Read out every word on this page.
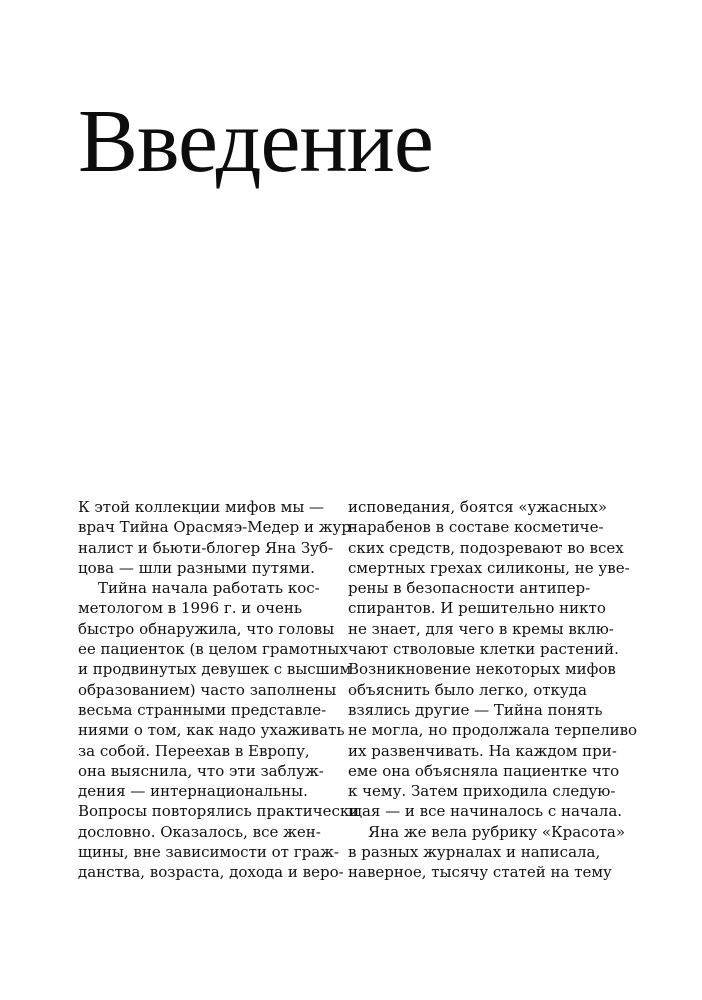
Введение
К этой коллекции мифов мы —
врач Тийна Орасмяэ-Медер и жур-
налист и бьюти-блогер Яна Зуб-
цова — шли разными путями.
Тийна начала работать кос-
метологом в 1996 г. и очень
быстро обнаружила, что головы
ее пациенток (в целом грамотных
и продвинутых девушек с высшим
образованием) часто заполнены
весьма странными представле-
ниями о том, как надо ухаживать
за собой. Переехав в Европу,
она выяснила, что эти заблуж-
дения — интернациональны.
Вопросы повторялись практически
дословно. Оказалось, все жен-
щины, вне зависимости от граж-
данства, возраста, дохода и веро-
исповедания, боятся «ужасных»
парабенов в составе косметиче-
ских средств, подозревают во всех
смертных грехах силиконы, не уве-
рены в безопасности антипер-
спирантов. И решительно никто
не знает, для чего в кремы вклю-
чают стволовые клетки растений.
Возникновение некоторых мифов
объяснить было легко, откуда
взялись другие — Тийна понять
не могла, но продолжала терпеливо
их развенчивать. На каждом при-
еме она объясняла пациентке что
к чему. Затем приходила следую-
щая — и все начиналось с начала.
Яна же вела рубрику «Красота»
в разных журналах и написала,
наверное, тысячу статей на тему
